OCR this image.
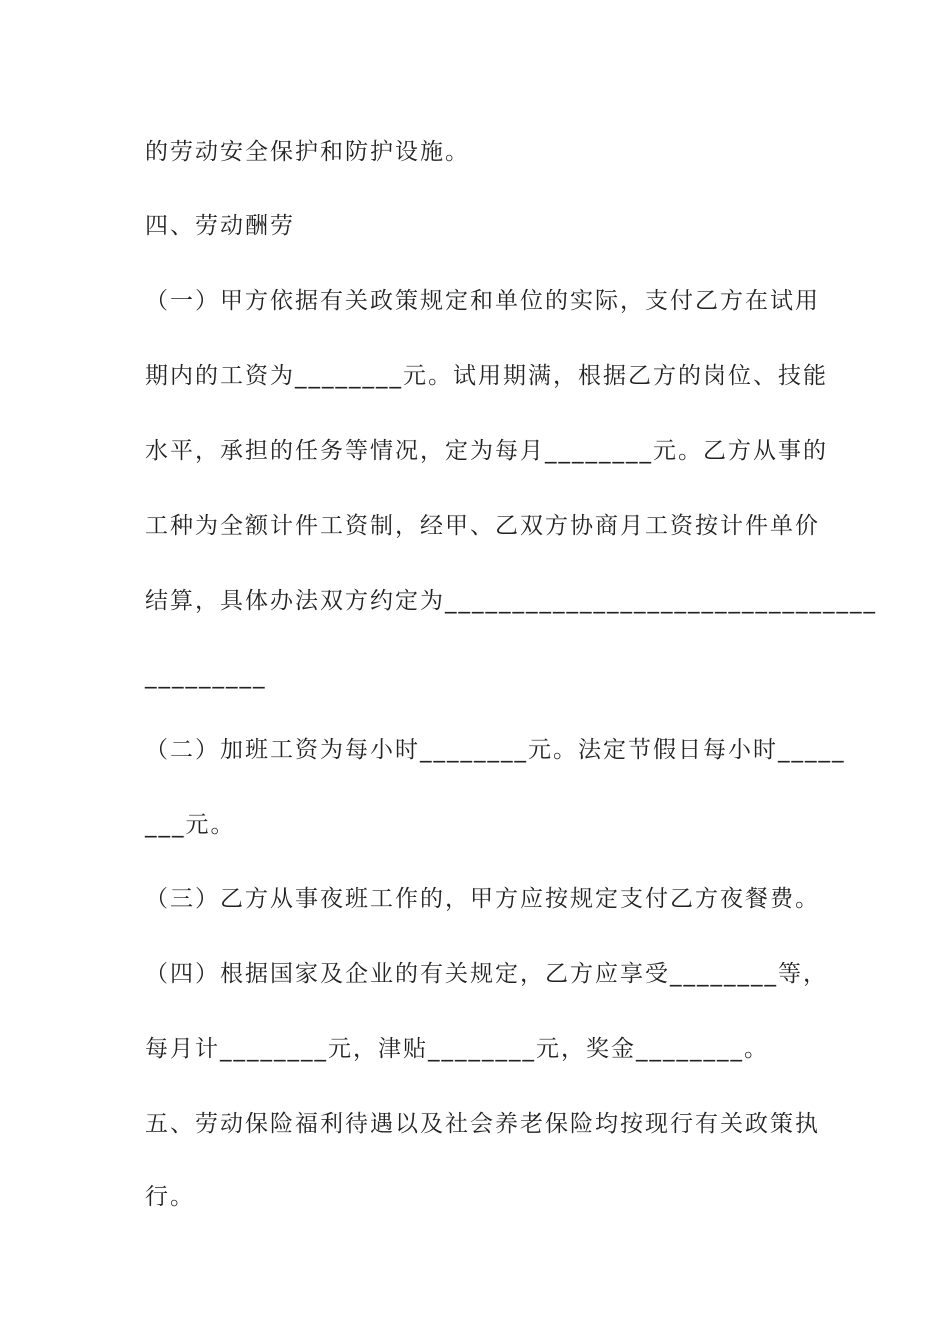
的劳动安全保护和防护设施。
四、劳动酬劳
（一）甲方依据有关政策规定和单位的实际，支付乙方在试用
期内的工资为________元。试用期满，根据乙方的岗位、技能
水平，承担的任务等情况，定为每月________元。乙方从事的
工种为全额计件工资制，经甲、乙双方协商月工资按计件单价
结算，具体办法双方约定为________________________________
_________
（二）加班工资为每小时________元。法定节假日每小时_____
___元。
（三）乙方从事夜班工作的，甲方应按规定支付乙方夜餐费。
（四）根据国家及企业的有关规定，乙方应享受________等，
每月计________元，津贴________元，奖金________。
五、劳动保险福利待遇以及社会养老保险均按现行有关政策执
行。
